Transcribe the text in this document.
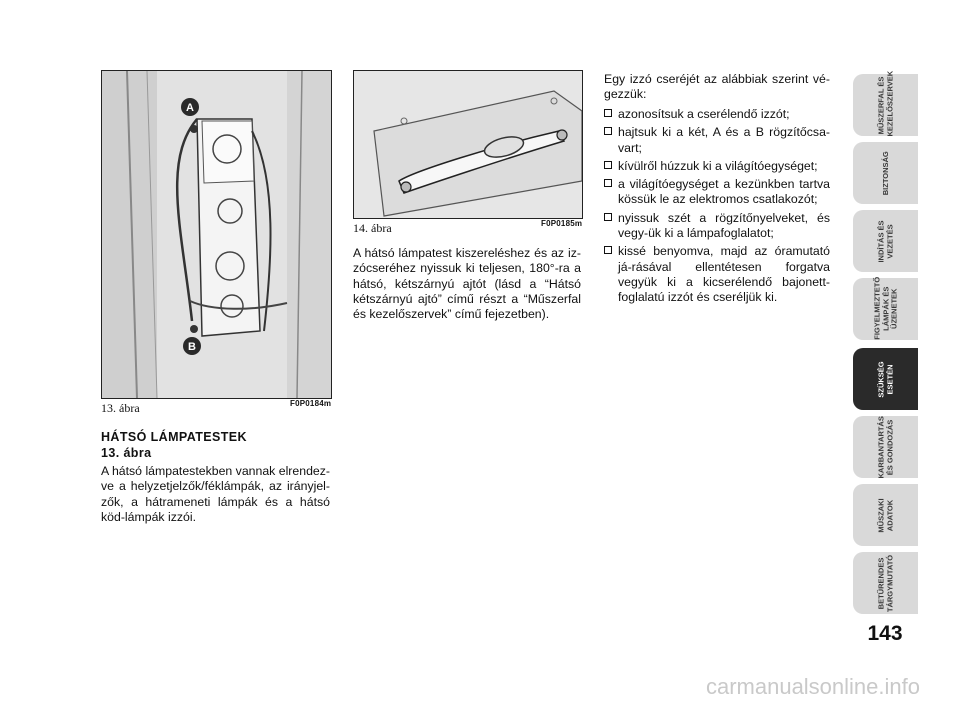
A
B
13. ábra	F0P0184m
14. ábra	F0P0185m
HÁTSÓ LÁMPATESTEK
13. ábra

A hátsó lámpatestekben vannak elrendez-ve a helyzetjelzők/féklámpák, az irányjel-zők, a hátrameneti lámpák és a hátsó köd-lámpák izzói.

A hátsó lámpatest kiszereléshez és az iz-zócseréhez nyissuk ki teljesen, 180°-ra a hátsó, kétszárnyú ajtót (lásd a “Hátsó kétszárnyú ajtó” című részt a “Műszerfal és kezelőszervek” című fejezetben).

Egy izzó cseréjét az alábbiak szerint vé-gezzük:

azonosítsuk a cserélendő izzót;
hajtsuk ki a két, A és a B rögzítőcsa-vart;
kívülről húzzuk ki a világítóegységet;
a világítóegységet a kezünkben tartva kössük le az elektromos csatlakozót;
nyissuk szét a rögzítőnyelveket, és vegy-ük ki a lámpafoglalatot;
kissé benyomva, majd az óramutató já-rásával ellentétesen forgatva vegyük ki a kicserélendő bajonett-foglalatú izzót és cseréljük ki.
MŰSZERFAL ÉS
KEZELŐSZERVEK
BIZTONSÁG
INDÍTÁS ÉS
VEZETÉS
FIGYELMEZTETŐ
LÁMPÁK ÉS
ÜZENETEK
SZÜKSÉG
ESETÉN
KARBANTARTÁS
ÉS GONDOZÁS
MŰSZAKI
ADATOK
BETŰRENDES
TÁRGYMUTATÓ
143
carmanualsonline.info
